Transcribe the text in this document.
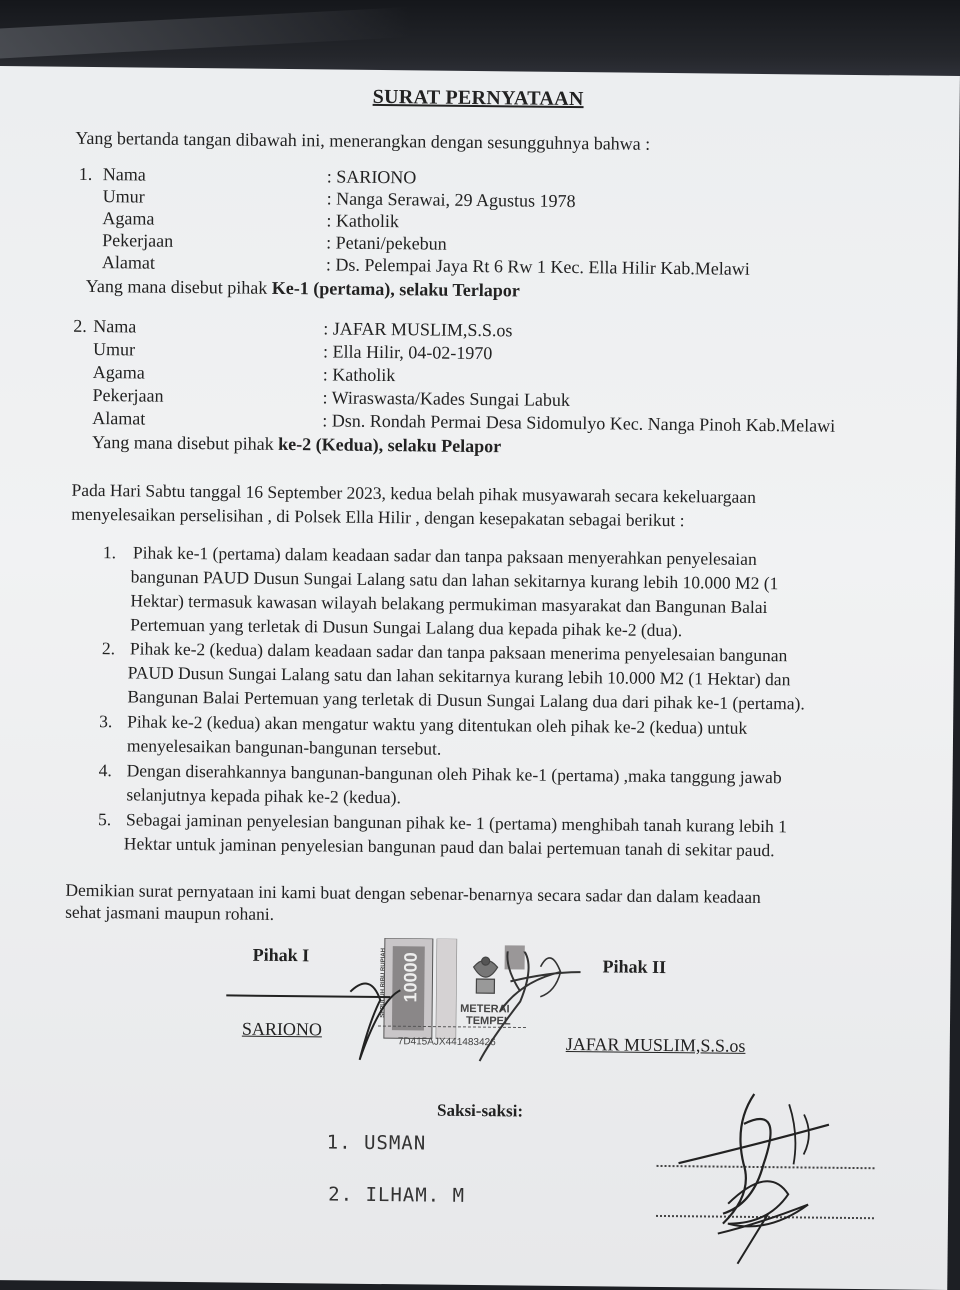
SURAT PERNYATAAN
Yang bertanda tangan dibawah ini, menerangkan dengan sesungguhnya bahwa :
1. Nama
Umur
Agama
Pekerjaan
Alamat
: SARIONO
: Nanga Serawai, 29 Agustus 1978
: Katholik
: Petani/pekebun
: Ds. Pelempai Jaya Rt 6 Rw 1 Kec. Ella Hilir Kab.Melawi
Yang mana disebut pihak Ke-1 (pertama), selaku Terlapor
2. Nama
Umur
Agama
Pekerjaan
Alamat
: JAFAR MUSLIM,S.S.os
: Ella Hilir, 04-02-1970
: Katholik
: Wiraswasta/Kades Sungai Labuk
: Dsn. Rondah Permai Desa Sidomulyo Kec. Nanga Pinoh Kab.Melawi
Yang mana disebut pihak ke-2 (Kedua), selaku Pelapor
Pada Hari Sabtu tanggal 16 September 2023, kedua belah pihak musyawarah secara kekeluargaan
menyelesaikan perselisihan , di Polsek Ella Hilir , dengan kesepakatan sebagai berikut :
1. Pihak ke-1 (pertama) dalam keadaan sadar dan tanpa paksaan menyerahkan penyelesaian
bangunan PAUD Dusun Sungai Lalang satu dan lahan sekitarnya kurang lebih 10.000 M2 (1
Hektar) termasuk kawasan wilayah belakang permukiman masyarakat dan Bangunan Balai
Pertemuan yang terletak di Dusun Sungai Lalang dua kepada pihak ke-2 (dua).
2. Pihak ke-2 (kedua) dalam keadaan sadar dan tanpa paksaan menerima penyelesaian bangunan
PAUD Dusun Sungai Lalang satu dan lahan sekitarnya kurang lebih 10.000 M2 (1 Hektar) dan
Bangunan Balai Pertemuan yang terletak di Dusun Sungai Lalang dua dari pihak ke-1 (pertama).
3. Pihak ke-2 (kedua) akan mengatur waktu yang ditentukan oleh pihak ke-2 (kedua) untuk
menyelesaikan bangunan-bangunan tersebut.
4. Dengan diserahkannya bangunan-bangunan oleh Pihak ke-1 (pertama) ,maka tanggung jawab
selanjutnya kepada pihak ke-2 (kedua).
5. Sebagai jaminan penyelesian bangunan pihak ke- 1 (pertama) menghibah tanah kurang lebih 1
Hektar untuk jaminan penyelesian bangunan paud dan balai pertemuan tanah di sekitar paud.
Demikian surat pernyataan ini kami buat dengan sebenar-benarnya secara sadar dan dalam keadaan
sehat jasmani maupun rohani.
Pihak I
Pihak II
10000
SEPULUH RIBU RUPIAH	METERAI
TEMPEL
7D415AJX441483426
SARIONO
JAFAR MUSLIM,S.S.os
Saksi-saksi:
1. USMAN
2. ILHAM. M
